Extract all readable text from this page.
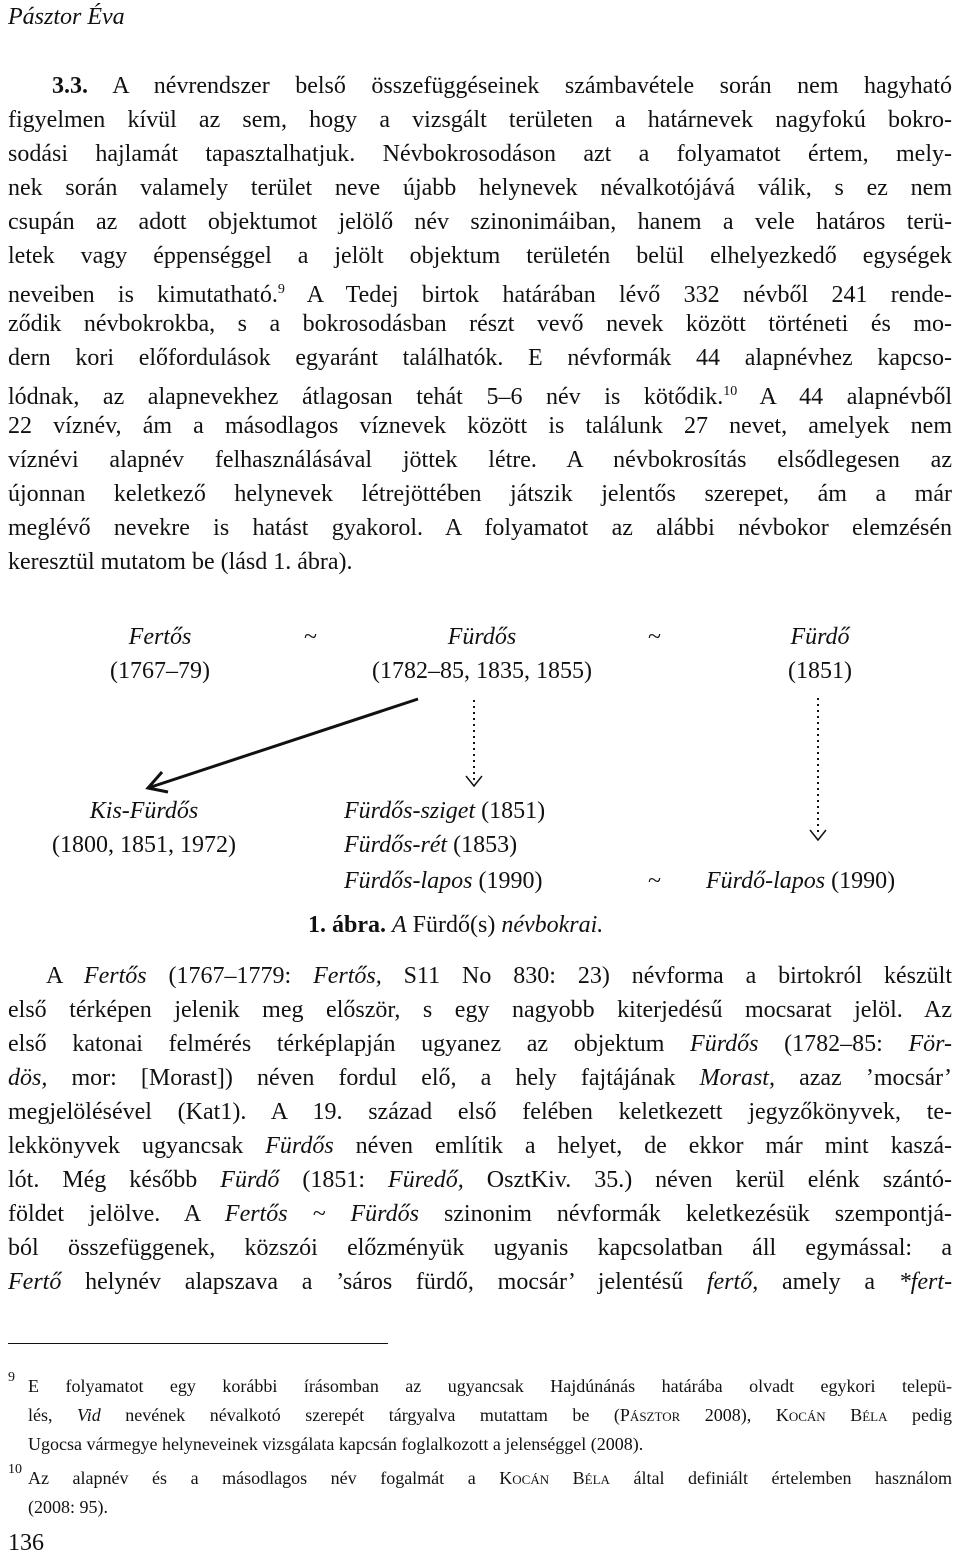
Pásztor Éva
3.3. A névrendszer belső összefüggéseinek számbavétele során nem hagyható
figyelmen kívül az sem, hogy a vizsgált területen a határnevek nagyfokú bokro-
sodási hajlamát tapasztalhatjuk. Névbokrosodáson azt a folyamatot értem, mely-
nek során valamely terület neve újabb helynevek névalkotójává válik, s ez nem
csupán az adott objektumot jelölő név szinonimáiban, hanem a vele határos terü-
letek vagy éppenséggel a jelölt objektum területén belül elhelyezkedő egységek
neveiben is kimutatható.$^9$ A Tedej birtok határában lévő 332 névből 241 rende-
ződik névbokrokba, s a bokrosodásban részt vevő nevek között történeti és mo-
dern kori előfordulások egyaránt találhatók. E névformák 44 alapnévhez kapcso-
lódnak, az alapnevekhez átlagosan tehát 5–6 név is kötődik.$^{10}$ A 44 alapnévből
22 víznév, ám a másodlagos víznevek között is találunk 27 nevet, amelyek nem
víznévi alapnév felhasználásával jöttek létre. A névbokrosítás elsődlegesen az
újonnan keletkező helynevek létrejöttében játszik jelentős szerepet, ám a már
meglévő nevekre is hatást gyakorol. A folyamatot az alábbi névbokor elemzésén
keresztül mutatom be (lásd 1. ábra).
Fertős
(1767–79)
~	Fürdős
(1782–85, 1835, 1855)
~	Fürdő
(1851)
Kis-Fürdős
(1800, 1851, 1972)
Fürdős-sziget (1851)
Fürdős-rét (1853)
Fürdős-lapos (1990)	~ Fürdő-lapos (1990)
1. ábra. A Fürdő(s) névbokrai.
A Fertős (1767–1779: Fertős, S11 No 830: 23) névforma a birtokról készült
első térképen jelenik meg először, s egy nagyobb kiterjedésű mocsarat jelöl. Az
első katonai felmérés térképlapján ugyanez az objektum Fürdős (1782–85: För-
dös, mor: [Morast]) néven fordul elő, a hely fajtájának Morast, azaz ’mocsár’
megjelölésével (Kat1). A 19. század első felében keletkezett jegyzőkönyvek, te-
lekkönyvek ugyancsak Fürdős néven említik a helyet, de ekkor már mint kaszá-
lót. Még később Fürdő (1851: Füredő, OsztKiv. 35.) néven kerül elénk szántó-
földet jelölve. A Fertős ~ Fürdős szinonim névformák keletkezésük szempontjá-
ból összefüggenek, közszói előzményük ugyanis kapcsolatban áll egymással: a
Fertő helynév alapszava a ’sáros fürdő, mocsár’ jelentésű fertő, amely a *fert-
9 E folyamatot egy korábbi írásomban az ugyancsak Hajdúnánás határába olvadt egykori telepü-
lés, Vid nevének névalkotó szerepét tárgyalva mutattam be (Pásztor 2008), Kocán Béla pedig
Ugocsa vármegye helyneveinek vizsgálata kapcsán foglalkozott a jelenséggel (2008).
10 Az alapnév és a másodlagos név fogalmát a Kocán Béla által definiált értelemben használom
(2008: 95).
136
